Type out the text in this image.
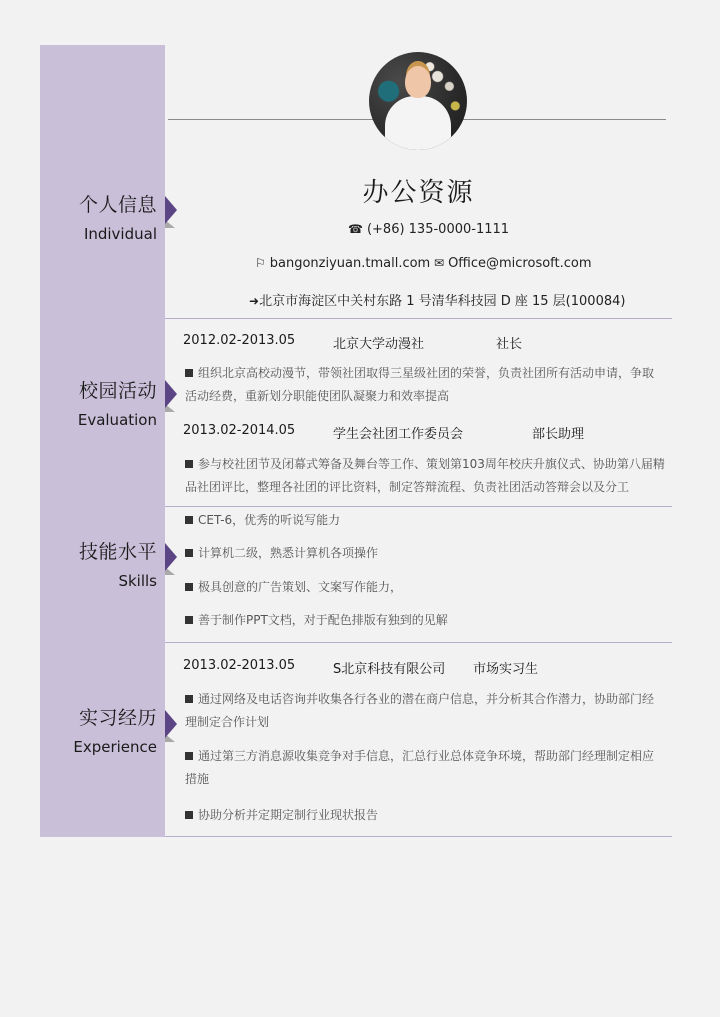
个人信息
Individual
校园活动
Evaluation
技能水平
Skills
实习经历
Experience
办公资源
☎ (+86) 135-0000-1111
⚐ bangonziyuan.tmall.com ✉ Office@microsoft.com
➜北京市海淀区中关村东路 1 号清华科技园 D 座 15 层(100084)
2012.02-2013.05	北京大学动漫社	社长
组织北京高校动漫节，带领社团取得三星级社团的荣誉，负责社团所有活动申请，争取活动经费，重新划分职能使团队凝聚力和效率提高
2013.02-2014.05	学生会社团工作委员会	部长助理
参与校社团节及闭幕式筹备及舞台等工作、策划第103周年校庆升旗仪式、协助第八届精品社团评比，整理各社团的评比资料，制定答辩流程、负责社团活动答辩会以及分工
CET-6，优秀的听说写能力
计算机二级，熟悉计算机各项操作
极具创意的广告策划、文案写作能力，
善于制作PPT文档，对于配色排版有独到的见解
2013.02-2013.05	S北京科技有限公司 市场实习生
通过网络及电话咨询并收集各行各业的潜在商户信息，并分析其合作潜力，协助部门经理制定合作计划
通过第三方消息源收集竞争对手信息，汇总行业总体竞争环境，帮助部门经理制定相应措施
协助分析并定期定制行业现状报告
